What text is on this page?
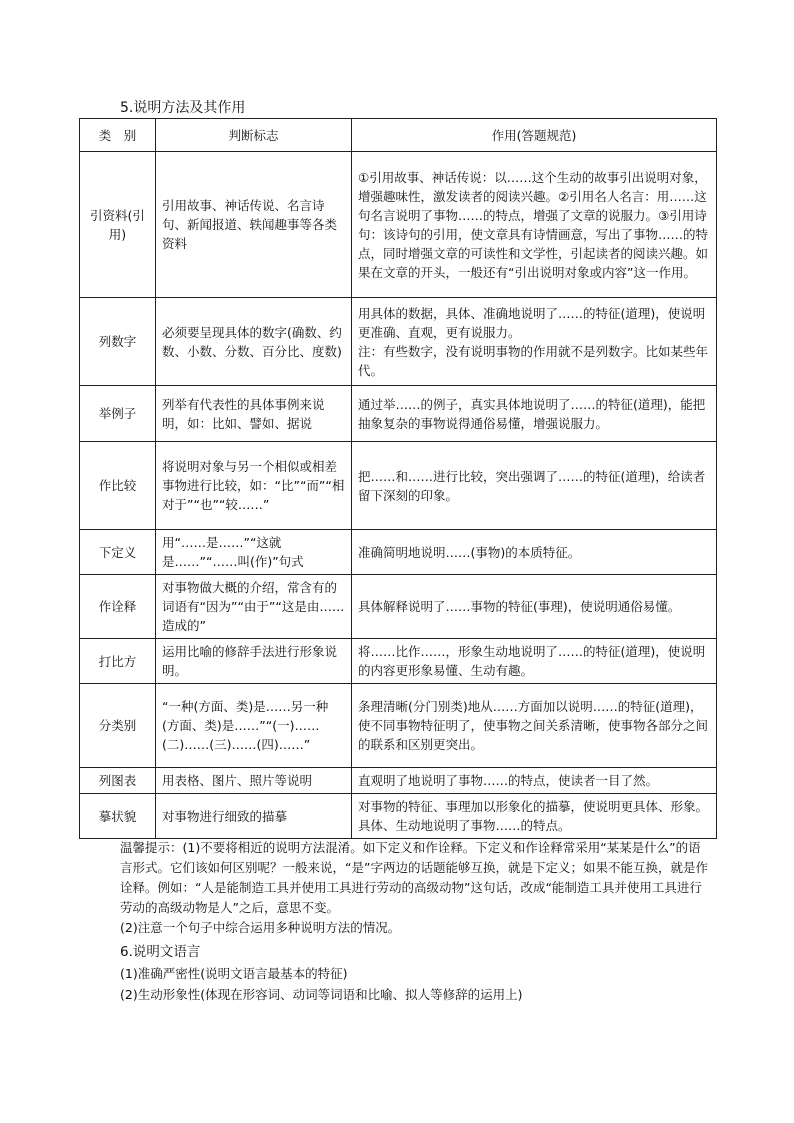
5.说明方法及其作用
类　别	判断标志	作用(答题规范)
引资料(引用)	引用故事、神话传说、名言诗句、新闻报道、轶闻趣事等各类资料	①引用故事、神话传说：以……这个生动的故事引出说明对象，增强趣味性，激发读者的阅读兴趣。②引用名人名言：用……这句名言说明了事物……的特点，增强了文章的说服力。③引用诗句：该诗句的引用，使文章具有诗情画意，写出了事物……的特点，同时增强文章的可读性和文学性，引起读者的阅读兴趣。如果在文章的开头，一般还有“引出说明对象或内容”这一作用。
列数字	必须要呈现具体的数字(确数、约数、小数、分数、百分比、度数)	用具体的数据，具体、准确地说明了……的特征(道理)，使说明更准确、直观，更有说服力。
注：有些数字，没有说明事物的作用就不是列数字。比如某些年代。
举例子	列举有代表性的具体事例来说明，如：比如、譬如、据说	通过举……的例子，真实具体地说明了……的特征(道理)，能把抽象复杂的事物说得通俗易懂，增强说服力。
作比较	将说明对象与另一个相似或相差事物进行比较，如：“比”“而”“相对于”“也”“较……”	把……和……进行比较，突出强调了……的特征(道理)，给读者留下深刻的印象。
下定义	用“……是……”“这就是……”“……叫(作)”句式	准确简明地说明……(事物)的本质特征。
作诠释	对事物做大概的介绍，常含有的词语有“因为”“由于”“这是由……造成的”	具体解释说明了……事物的特征(事理)，使说明通俗易懂。
打比方	运用比喻的修辞手法进行形象说明。	将……比作……，形象生动地说明了……的特征(道理)，使说明的内容更形象易懂、生动有趣。
分类别	“一种(方面、类)是……另一种(方面、类)是……”“(一)……(二)……(三)……(四)……”	条理清晰(分门别类)地从……方面加以说明……的特征(道理)，使不同事物特征明了，使事物之间关系清晰，使事物各部分之间的联系和区别更突出。
列图表	用表格、图片、照片等说明	直观明了地说明了事物……的特点，使读者一目了然。
摹状貌	对事物进行细致的描摹	对事物的特征、事理加以形象化的描摹，使说明更具体、形象。具体、生动地说明了事物……的特点。

温馨提示：(1)不要将相近的说明方法混淆。如下定义和作诠释。下定义和作诠释常采用“某某是什么”的语言形式。它们该如何区别呢？一般来说，“是”字两边的话题能够互换，就是下定义；如果不能互换，就是作诠释。例如：“人是能制造工具并使用工具进行劳动的高级动物”这句话，改成“能制造工具并使用工具进行劳动的高级动物是人”之后，意思不变。

(2)注意一个句子中综合运用多种说明方法的情况。

6.说明文语言

(1)准确严密性(说明文语言最基本的特征)

(2)生动形象性(体现在形容词、动词等词语和比喻、拟人等修辞的运用上)
